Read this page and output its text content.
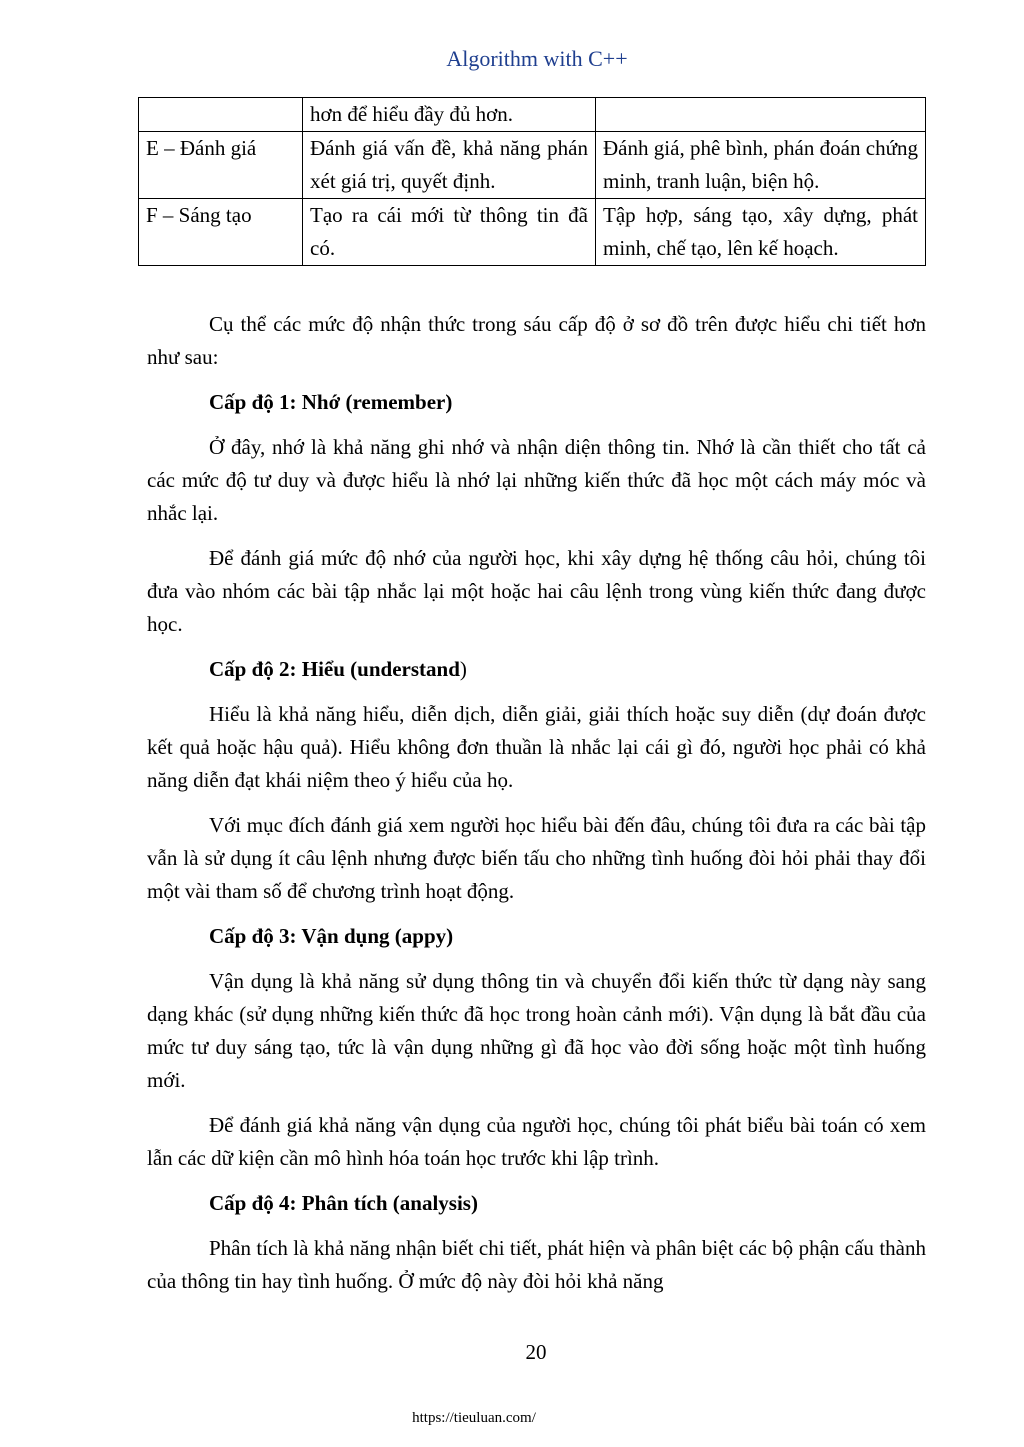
Algorithm with C++
	hơn để hiểu đầy đủ hơn.	
E – Đánh giá	Đánh giá vấn đề, khả năng phán xét giá trị, quyết định.	Đánh giá, phê bình, phán đoán chứng minh, tranh luận, biện hộ.
F – Sáng tạo	Tạo ra cái mới từ thông tin đã có.	Tập hợp, sáng tạo, xây dựng, phát minh, chế tạo, lên kế hoạch.

Cụ thể các mức độ nhận thức trong sáu cấp độ ở sơ đồ trên được hiểu chi tiết hơn như sau:

Cấp độ 1: Nhớ (remember)

Ở đây, nhớ là khả năng ghi nhớ và nhận diện thông tin. Nhớ là cần thiết cho tất cả các mức độ tư duy và được hiểu là nhớ lại những kiến thức đã học một cách máy móc và nhắc lại.

Để đánh giá mức độ nhớ của người học, khi xây dựng hệ thống câu hỏi, chúng tôi đưa vào nhóm các bài tập nhắc lại một hoặc hai câu lệnh trong vùng kiến thức đang được học.

Cấp độ 2: Hiểu (understand)

Hiểu là khả năng hiểu, diễn dịch, diễn giải, giải thích hoặc suy diễn (dự đoán được kết quả hoặc hậu quả). Hiểu không đơn thuần là nhắc lại cái gì đó, người học phải có khả năng diễn đạt khái niệm theo ý hiểu của họ.

Với mục đích đánh giá xem người học hiểu bài đến đâu, chúng tôi đưa ra các bài tập vẫn là sử dụng ít câu lệnh nhưng được biến tấu cho những tình huống đòi hỏi phải thay đổi một vài tham số để chương trình hoạt động.

Cấp độ 3: Vận dụng (appy)

Vận dụng là khả năng sử dụng thông tin và chuyển đổi kiến thức từ dạng này sang dạng khác (sử dụng những kiến thức đã học trong hoàn cảnh mới). Vận dụng là bắt đầu của mức tư duy sáng tạo, tức là vận dụng những gì đã học vào đời sống hoặc một tình huống mới.

Để đánh giá khả năng vận dụng của người học, chúng tôi phát biểu bài toán có xem lẫn các dữ kiện cần mô hình hóa toán học trước khi lập trình.

Cấp độ 4: Phân tích (analysis)

Phân tích là khả năng nhận biết chi tiết, phát hiện và phân biệt các bộ phận cấu thành của thông tin hay tình huống. Ở mức độ này đòi hỏi khả năng

20
https://tieuluan.com/
